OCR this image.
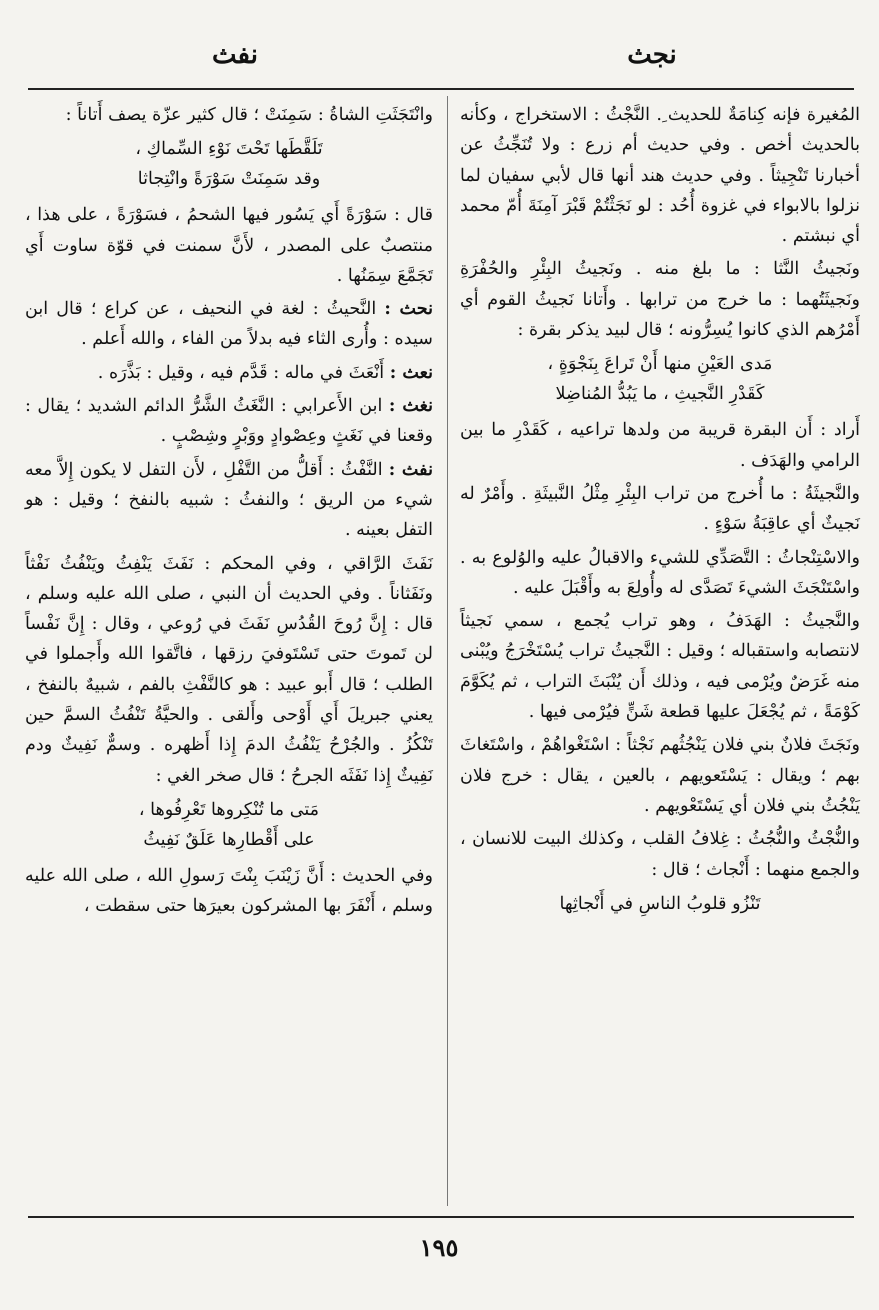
نجث
نفث

المُغيرة فإنه كِنامَةٌ للحديث ِ. النَّجْثُ : الاستخراج ، وكأنه بالحديث أخص . وفي حديث أم زرع : ولا تُنَجِّثُ عن أخبارنا تَنْجِيثاً . وفي حديث هند أنها قال لأبي سفيان لما نزلوا بالابواء في غزوة أُحُد : لو نَجَثْتُمْ قَبْرَ آمِنَةَ أُمّ محمد أي نبشتم .

ونَجيثُ النَّثا : ما بلغ منه . ونَجيثُ البِئْرِ والحُفْرَةِ ونَجيثَتُهما : ما خرج من ترابها . وأَتانا نَجيثُ القوم أي أَمْرُهم الذي كانوا يُسِرُّونه ؛ قال لبيد يذكر بقرة :

مَدى العَيْنِ منها أَنْ تَراعَ بِنَجْوَةٍ ،
كَقَدْرِ النَّجيثِ ، ما يَبُدُّ المُناضِلا

أَراد : أَن البقرة قريبة من ولدها تراعيه ، كَقَدْرِ ما بين الرامي والهَدَف .

والنَّجيثَةُ : ما أُخرج من تراب البِئْرِ مِثْلُ النَّبيثَةِ . وأَمْرٌ له نَجيثٌ أي عاقِبَةُ سَوْءٍ .

والاسْتِنْجاثُ : التَّصَدِّي للشيء والاقبالُ عليه والوُلوع به . واسْتَنْجَثَ الشيءَ تَصَدَّى له وأُولِعَ به وأَقْبَلَ عليه .

والنَّجيثُ : الهَدَفُ ، وهو تراب يُجمع ، سمي نَجيثاً لانتصابه واستقباله ؛ وقيل : النَّجيثُ تراب يُسْتَخْرَجُ ويُبْنى منه غَرَضٌ ويُرْمى فيه ، وذلك أَن يُنْبَثَ التراب ، ثم يُكَوَّمَ كَوْمَةً ، ثم يُجْعَلَ عليها قطعة شَنٍّ فيُرْمى فيها .

ونَجَثَ فلانٌ بني فلان يَنْجُثُهم نَجْثاً : اسْتَغْواهُمْ ، واسْتَغاثَ بهم ؛ ويقال : يَسْتَعويهم ، بالعين ، يقال : خرج فلان يَنْجُثُ بني فلان أي يَسْتَعْويهم .

والنُّجْثُ والنُّجُثُ : غِلافُ القلب ، وكذلك البيت للانسان ، والجمع منهما : أَنْجاث ؛ قال :

تَنْزُو قلوبُ الناسِ في أَنْجاثِها

وانْتَجَثَتِ الشاةُ : سَمِنَتْ ؛ قال كثير عزّة يصف أَتاناً :

تَلَقَّطَها تَحْتَ نَوْءِ السِّماكِ ،
وقد سَمِنَتْ سَوْرَةً وانْتِجاثا

قال : سَوْرَةً أَي يَسُور فيها الشحمُ ، فسَوْرَةً ، على هذا ، منتصبٌ على المصدر ، لأَنَّ سمنت في قوّة ساوت أَي تَجَمَّعَ سِمَنُها .

نحث : النَّحيثُ : لغة في النحيف ، عن كراع ؛ قال ابن سيده : وأُرى الثاء فيه بدلاً من الفاء ، والله أَعلم .

نعث : أَنْعَثَ في ماله : قَدَّم فيه ، وقيل : بَذَّرَه .

نغث : ابن الأَعرابي : النَّغَثُ الشَّرُّ الدائم الشديد ؛ يقال : وقعنا في نَغَثٍ وعِصْوادٍ ووَبْرٍ وشِصْبٍ .

نفث : النَّفْثُ : أَقلُّ من التَّفْلِ ، لأَن التفل لا يكون إِلاَّ معه شيء من الريق ؛ والنفثُ : شبيه بالنفخ ؛ وقيل : هو التفل بعينه .

نَفَثَ الرَّاقي ، وفي المحكم : نَفَثَ يَنْفِثُ ويَنْفُثُ نَفْثاً ونَفَثاناً . وفي الحديث أن النبي ، صلى الله عليه وسلم ، قال : إِنَّ رُوحَ القُدُسِ نَفَثَ في رُوعي ، وقال : إِنَّ نَفْساً لن تَموتَ حتى تَسْتَوفيَ رزقها ، فاتَّقوا الله وأَجملوا في الطلب ؛ قال أَبو عبيد : هو كالنَّفْثِ بالفم ، شبيهٌ بالنفخ ، يعني جبريلَ أَي أَوْحى وأَلقى . والحيَّةُ تَنْفُثُ السمَّ حين تَنْكُزُ . والجُرْحُ يَنْفُثُ الدمَ إِذا أَظهره . وسمٌّ نَفِيثٌ ودم نَفِيثٌ إِذا نَفَثَه الجرحُ ؛ قال صخر الغي :

مَتى ما تُنْكِروها تَعْرِفُوها ،
على أَقْطارِها عَلَقٌ نَفِيثُ

وفي الحديث : أَنَّ زَيْنَبَ بِنْتَ رَسولِ الله ، صلى الله عليه وسلم ، أَنْفَرَ بها المشركون بعيرَها حتى سقطت ،

١٩٥
